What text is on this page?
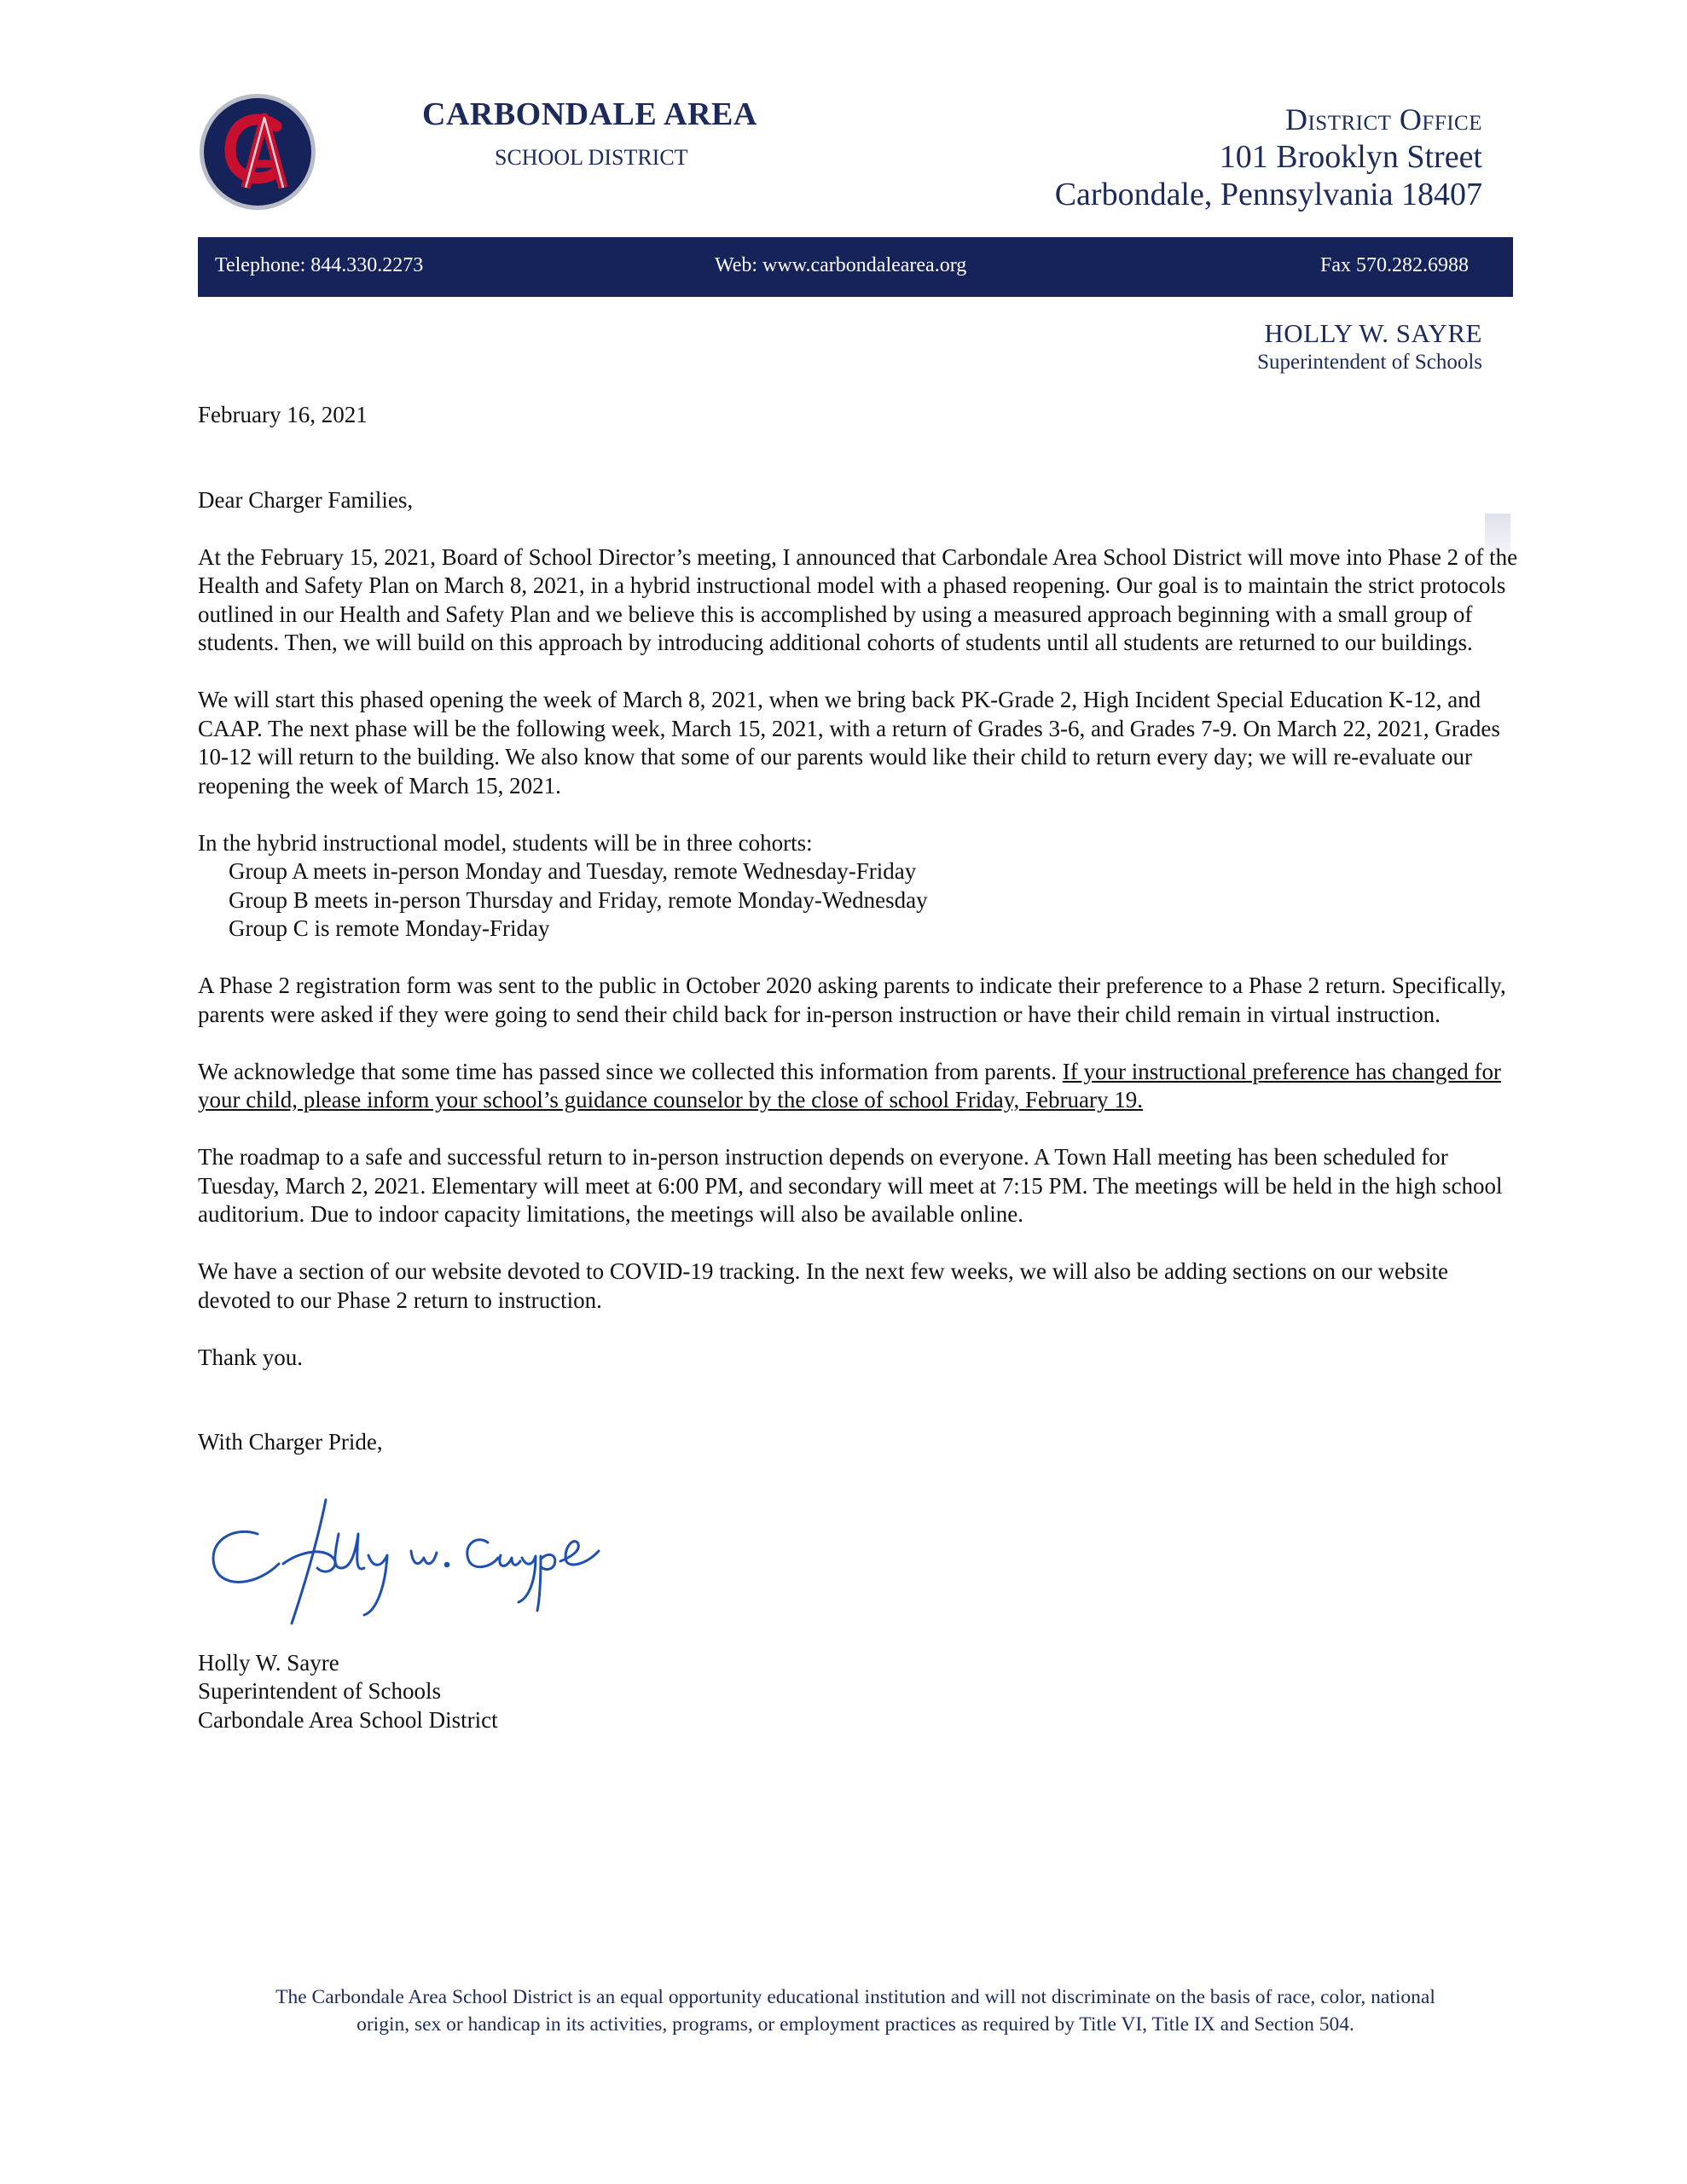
CARBONDALE AREA
SCHOOL DISTRICT
District Office
101 Brooklyn Street
Carbondale, Pennsylvania 18407
Telephone: 844.330.2273	Web: www.carbondalearea.org	Fax 570.282.6988
HOLLY W. SAYRE
Superintendent of Schools

February 16, 2021

Dear Charger Families,

At the February 15, 2021, Board of School Director’s meeting, I announced that Carbondale Area School District will move into Phase 2 of the Health and Safety Plan on March 8, 2021, in a hybrid instructional model with a phased reopening. Our goal is to maintain the strict protocols outlined in our Health and Safety Plan and we believe this is accomplished by using a measured approach beginning with a small group of students. Then, we will build on this approach by introducing additional cohorts of students until all students are returned to our buildings.

We will start this phased opening the week of March 8, 2021, when we bring back PK-Grade 2, High Incident Special Education K-12, and CAAP. The next phase will be the following week, March 15, 2021, with a return of Grades 3-6, and Grades 7-9. On March 22, 2021, Grades 10-12 will return to the building. We also know that some of our parents would like their child to return every day; we will re-evaluate our reopening the week of March 15, 2021.

In the hybrid instructional model, students will be in three cohorts:

Group A meets in-person Monday and Tuesday, remote Wednesday-Friday

Group B meets in-person Thursday and Friday, remote Monday-Wednesday

Group C is remote Monday-Friday

A Phase 2 registration form was sent to the public in October 2020 asking parents to indicate their preference to a Phase 2 return. Specifically, parents were asked if they were going to send their child back for in-person instruction or have their child remain in virtual instruction.

We acknowledge that some time has passed since we collected this information from parents. If your instructional preference has changed for your child, please inform your school’s guidance counselor by the close of school Friday, February 19.

The roadmap to a safe and successful return to in-person instruction depends on everyone. A Town Hall meeting has been scheduled for Tuesday, March 2, 2021. Elementary will meet at 6:00 PM, and secondary will meet at 7:15 PM. The meetings will be held in the high school auditorium. Due to indoor capacity limitations, the meetings will also be available online.

We have a section of our website devoted to COVID-19 tracking. In the next few weeks, we will also be adding sections on our website devoted to our Phase 2 return to instruction.

Thank you.

With Charger Pride,

Holly W. Sayre

Superintendent of Schools

Carbondale Area School District

The Carbondale Area School District is an equal opportunity educational institution and will not discriminate on the basis of race, color, national
origin, sex or handicap in its activities, programs, or employment practices as required by Title VI, Title IX and Section 504.
